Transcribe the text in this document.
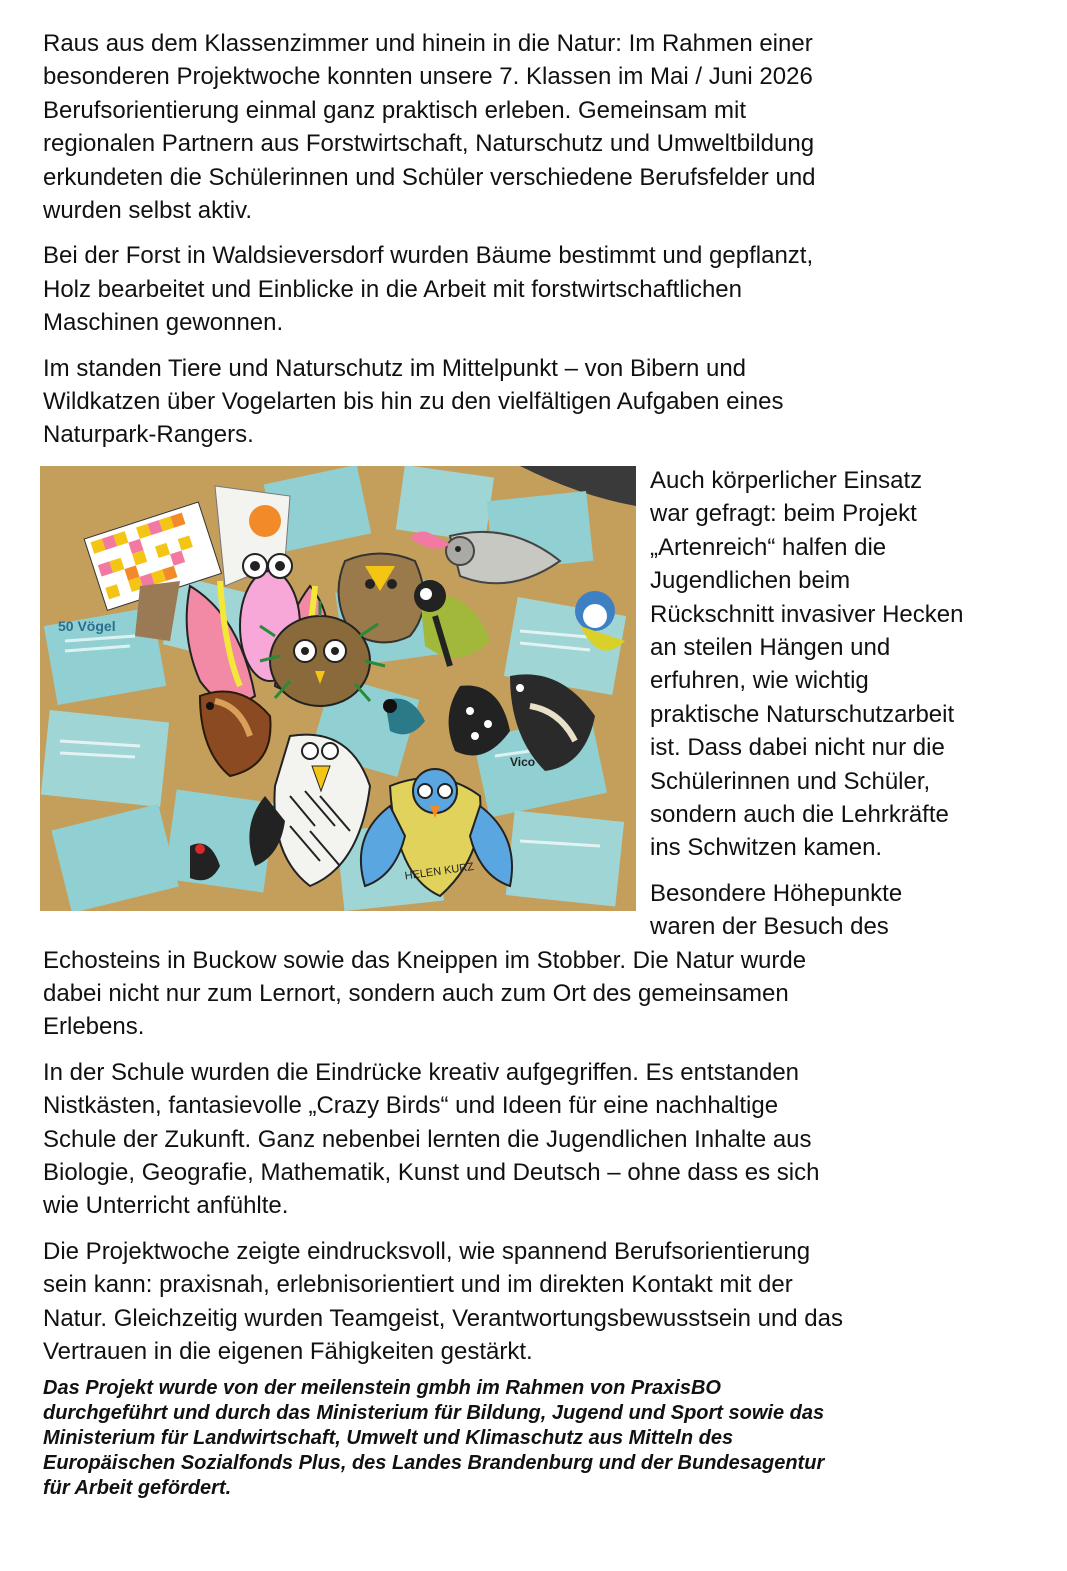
Raus aus dem Klassenzimmer und hinein in die Natur: Im Rahmen einer
besonderen Projektwoche konnten unsere 7. Klassen im Mai / Juni 2026
Berufsorientierung einmal ganz praktisch erleben. Gemeinsam mit
regionalen Partnern aus Forstwirtschaft, Naturschutz und Umweltbildung
erkundeten die Schülerinnen und Schüler verschiedene Berufsfelder und
wurden selbst aktiv.

Bei der Forst in Waldsieversdorf wurden Bäume bestimmt und gepflanzt,
Holz bearbeitet und Einblicke in die Arbeit mit forstwirtschaftlichen
Maschinen gewonnen.

Im standen Tiere und Naturschutz im Mittelpunkt – von Bibern und
Wildkatzen über Vogelarten bis hin zu den vielfältigen Aufgaben eines
Naturpark-Rangers.

50 Vögel
HELEN KURZ
Vico

Auch körperlicher Einsatz
war gefragt: beim Projekt
„Artenreich“ halfen die
Jugendlichen beim
Rückschnitt invasiver Hecken
an steilen Hängen und
erfuhren, wie wichtig
praktische Naturschutzarbeit
ist. Dass dabei nicht nur die
Schülerinnen und Schüler,
sondern auch die Lehrkräfte
ins Schwitzen kamen.

Besondere Höhepunkte
waren der Besuch des
Echosteins in Buckow sowie das Kneippen im Stobber. Die Natur wurde
dabei nicht nur zum Lernort, sondern auch zum Ort des gemeinsamen
Erlebens.

In der Schule wurden die Eindrücke kreativ aufgegriffen. Es entstanden
Nistkästen, fantasievolle „Crazy Birds“ und Ideen für eine nachhaltige
Schule der Zukunft. Ganz nebenbei lernten die Jugendlichen Inhalte aus
Biologie, Geografie, Mathematik, Kunst und Deutsch – ohne dass es sich
wie Unterricht anfühlte.

Die Projektwoche zeigte eindrucksvoll, wie spannend Berufsorientierung
sein kann: praxisnah, erlebnisorientiert und im direkten Kontakt mit der
Natur. Gleichzeitig wurden Teamgeist, Verantwortungsbewusstsein und das
Vertrauen in die eigenen Fähigkeiten gestärkt.

Das Projekt wurde von der meilenstein gmbh im Rahmen von PraxisBO
durchgeführt und durch das Ministerium für Bildung, Jugend und Sport sowie das
Ministerium für Landwirtschaft, Umwelt und Klimaschutz aus Mitteln des
Europäischen Sozialfonds Plus, des Landes Brandenburg und der Bundesagentur
für Arbeit gefördert.
